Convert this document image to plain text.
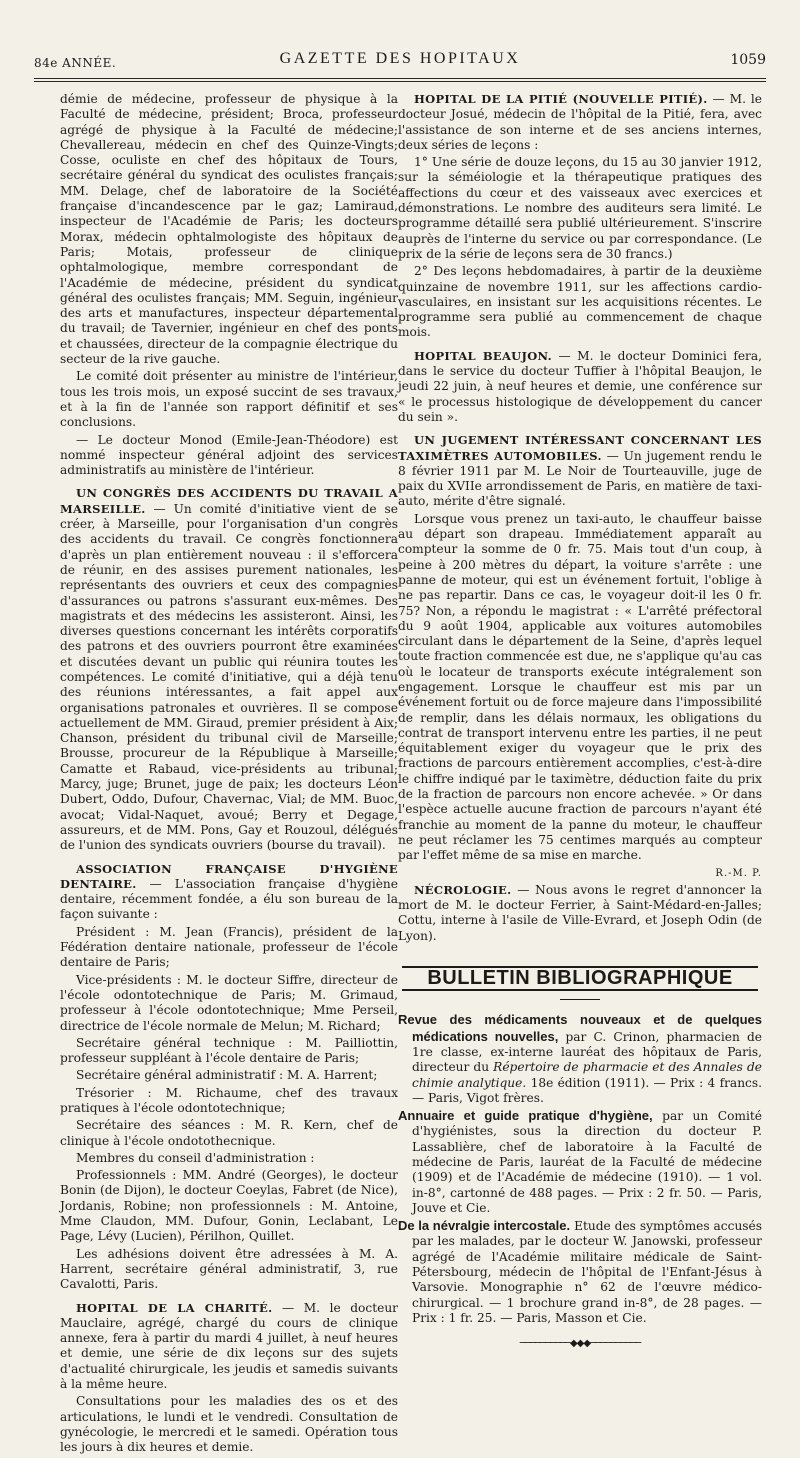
84e ANNÉE.	GAZETTE DES HOPITAUX	1059

démie de médecine, professeur de physique à la Faculté de médecine, président; Broca, professeur agrégé de physique à la Faculté de médecine; Chevallereau, médecin en chef des Quinze-Vingts; Cosse, oculiste en chef des hôpitaux de Tours, secrétaire général du syndicat des oculistes français; MM. Delage, chef de laboratoire de la Société française d'incandescence par le gaz; Lamiraud, inspecteur de l'Académie de Paris; les docteurs Morax, médecin ophtalmologiste des hôpitaux de Paris; Motais, professeur de clinique ophtalmologique, membre correspondant de l'Académie de médecine, président du syndicat général des oculistes français; MM. Seguin, ingénieur des arts et manufactures, inspecteur départemental du travail; de Tavernier, ingénieur en chef des ponts et chaussées, directeur de la compagnie électrique du secteur de la rive gauche.

Le comité doit présenter au ministre de l'intérieur, tous les trois mois, un exposé succint de ses travaux, et à la fin de l'année son rapport définitif et ses conclusions.

— Le docteur Monod (Emile-Jean-Théodore) est nommé inspecteur général adjoint des services administratifs au ministère de l'intérieur.

UN CONGRÈS DES ACCIDENTS DU TRAVAIL A MARSEILLE. — Un comité d'initiative vient de se créer, à Marseille, pour l'organisation d'un congrès des accidents du travail. Ce congrès fonctionnera d'après un plan entièrement nouveau : il s'efforcera de réunir, en des assises purement nationales, les représentants des ouvriers et ceux des compagnies d'assurances ou patrons s'assurant eux-mêmes. Des magistrats et des médecins les assisteront. Ainsi, les diverses questions concernant les intérêts corporatifs des patrons et des ouvriers pourront être examinées et discutées devant un public qui réunira toutes les compétences. Le comité d'initiative, qui a déjà tenu des réunions intéressantes, a fait appel aux organisations patronales et ouvrières. Il se compose actuellement de MM. Giraud, premier président à Aix; Chanson, président du tribunal civil de Marseille; Brousse, procureur de la République à Marseille; Camatte et Rabaud, vice-présidents au tribunal; Marcy, juge; Brunet, juge de paix; les docteurs Léon Dubert, Oddo, Dufour, Chavernac, Vial; de MM. Buoc, avocat; Vidal-Naquet, avoué; Berry et Degage, assureurs, et de MM. Pons, Gay et Rouzoul, délégués de l'union des syndicats ouvriers (bourse du travail).

ASSOCIATION FRANÇAISE D'HYGIÈNE DENTAIRE. — L'association française d'hygiène dentaire, récemment fondée, a élu son bureau de la façon suivante :

Président : M. Jean (Francis), président de la Fédération dentaire nationale, professeur de l'école dentaire de Paris;

Vice-présidents : M. le docteur Siffre, directeur de l'école odontotechnique de Paris; M. Grimaud, professeur à l'école odontotechnique; Mme Perseil, directrice de l'école normale de Melun; M. Richard;

Secrétaire général technique : M. Pailliottin, professeur suppléant à l'école dentaire de Paris;

Secrétaire général administratif : M. A. Harrent;

Trésorier : M. Richaume, chef des travaux pratiques à l'école odontotechnique;

Secrétaire des séances : M. R. Kern, chef de clinique à l'école ondotothecnique.

Membres du conseil d'administration :

Professionnels : MM. André (Georges), le docteur Bonin (de Dijon), le docteur Coeylas, Fabret (de Nice), Jordanis, Robine; non professionnels : M. Antoine, Mme Claudon, MM. Dufour, Gonin, Leclabant, Le Page, Lévy (Lucien), Périlhon, Quillet.

Les adhésions doivent être adressées à M. A. Harrent, secrétaire général administratif, 3, rue Cavalotti, Paris.

HOPITAL DE LA CHARITÉ. — M. le docteur Mauclaire, agrégé, chargé du cours de clinique annexe, fera à partir du mardi 4 juillet, à neuf heures et demie, une série de dix leçons sur des sujets d'actualité chirurgicale, les jeudis et samedis suivants à la même heure.

Consultations pour les maladies des os et des articulations, le lundi et le vendredi. Consultation de gynécologie, le mercredi et le samedi. Opération tous les jours à dix heures et demie.

HOPITAL DE LA PITIÉ (NOUVELLE PITIÉ). — M. le docteur Josué, médecin de l'hôpital de la Pitié, fera, avec l'assistance de son interne et de ses anciens internes, deux séries de leçons :

1° Une série de douze leçons, du 15 au 30 janvier 1912, sur la séméiologie et la thérapeutique pratiques des affections du cœur et des vaisseaux avec exercices et démonstrations. Le nombre des auditeurs sera limité. Le programme détaillé sera publié ultérieurement. S'inscrire auprès de l'interne du service ou par correspondance. (Le prix de la série de leçons sera de 30 francs.)

2° Des leçons hebdomadaires, à partir de la deuxième quinzaine de novembre 1911, sur les affections cardio-vasculaires, en insistant sur les acquisitions récentes. Le programme sera publié au commencement de chaque mois.

HOPITAL BEAUJON. — M. le docteur Dominici fera, dans le service du docteur Tuffier à l'hôpital Beaujon, le jeudi 22 juin, à neuf heures et demie, une conférence sur « le processus histologique de développement du cancer du sein ».

UN JUGEMENT INTÉRESSANT CONCERNANT LES TAXIMÈTRES AUTOMOBILES. — Un jugement rendu le 8 février 1911 par M. Le Noir de Tourteauville, juge de paix du XVIIe arrondissement de Paris, en matière de taxi-auto, mérite d'être signalé.

Lorsque vous prenez un taxi-auto, le chauffeur baisse au départ son drapeau. Immédiatement apparaît au compteur la somme de 0 fr. 75. Mais tout d'un coup, à peine à 200 mètres du départ, la voiture s'arrête : une panne de moteur, qui est un événement fortuit, l'oblige à ne pas repartir. Dans ce cas, le voyageur doit-il les 0 fr. 75? Non, a répondu le magistrat : « L'arrêté préfectoral du 9 août 1904, applicable aux voitures automobiles circulant dans le département de la Seine, d'après lequel toute fraction commencée est due, ne s'applique qu'au cas où le locateur de transports exécute intégralement son engagement. Lorsque le chauffeur est mis par un événement fortuit ou de force majeure dans l'impossibilité de remplir, dans les délais normaux, les obligations du contrat de transport intervenu entre les parties, il ne peut équitablement exiger du voyageur que le prix des fractions de parcours entièrement accomplies, c'est-à-dire le chiffre indiqué par le taximètre, déduction faite du prix de la fraction de parcours non encore achevée. » Or dans l'espèce actuelle aucune fraction de parcours n'ayant été franchie au moment de la panne du moteur, le chauffeur ne peut réclamer les 75 centimes marqués au compteur par l'effet même de sa mise en marche.

R.-M. P.

NÉCROLOGIE. — Nous avons le regret d'annoncer la mort de M. le docteur Ferrier, à Saint-Médard-en-Jalles; Cottu, interne à l'asile de Ville-Evrard, et Joseph Odin (de Lyon).

BULLETIN BIBLIOGRAPHIQUE

Revue des médicaments nouveaux et de quelques médications nouvelles, par C. Crinon, pharmacien de 1re classe, ex-interne lauréat des hôpitaux de Paris, directeur du Répertoire de pharmacie et des Annales de chimie analytique. 18e édition (1911). — Prix : 4 francs. — Paris, Vigot frères.

Annuaire et guide pratique d'hygiène, par un Comité d'hygiénistes, sous la direction du docteur P. Lassablière, chef de laboratoire à la Faculté de médecine de Paris, lauréat de la Faculté de médecine (1909) et de l'Académie de médecine (1910). — 1 vol. in-8°, cartonné de 488 pages. — Prix : 2 fr. 50. — Paris, Jouve et Cie.

De la névralgie intercostale. Etude des symptômes accusés par les malades, par le docteur W. Janowski, professeur agrégé de l'Académie militaire médicale de Saint-Pétersbourg, médecin de l'hôpital de l'Enfant-Jésus à Varsovie. Monographie n° 62 de l'œuvre médico-chirurgical. — 1 brochure grand in-8°, de 28 pages. — Prix : 1 fr. 25. — Paris, Masson et Cie.

──────────◆◆◆──────────
